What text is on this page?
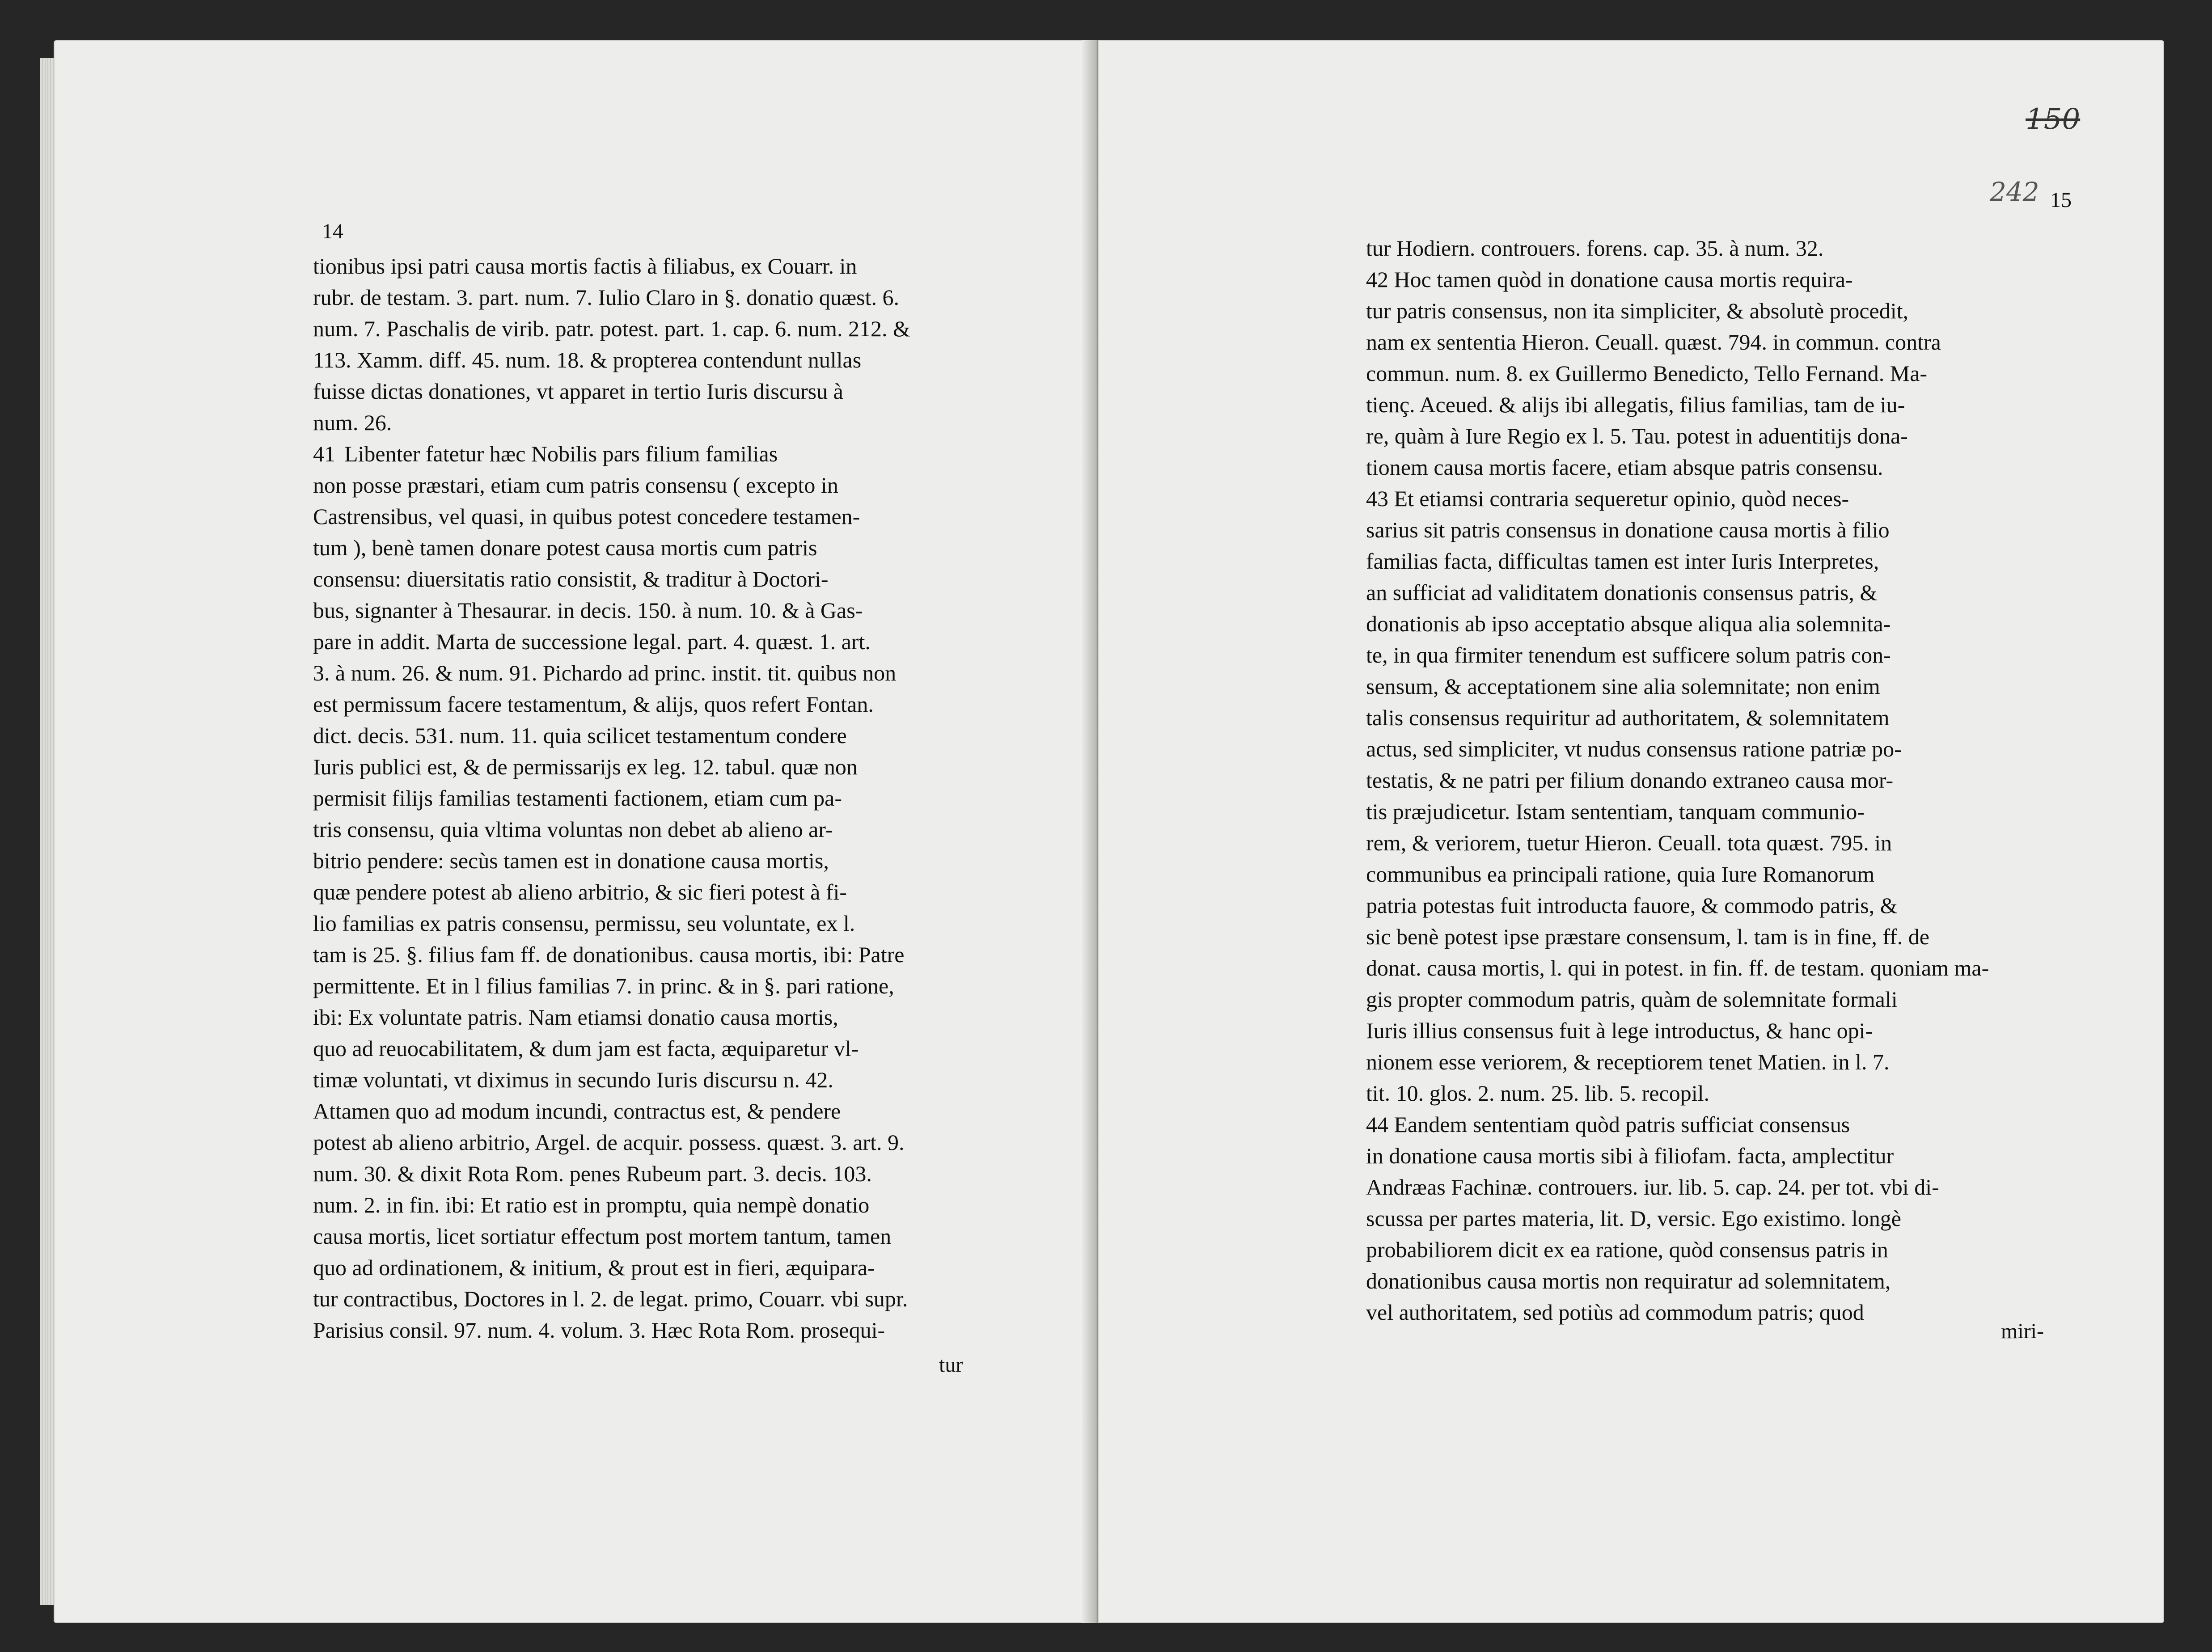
14
tionibus ipsi patri causa mortis factis à filiabus, ex Couarr. in
rubr. de testam. 3. part. num. 7. Iulio Claro in §. donatio quæst. 6.
num. 7. Paschalis de virib. patr. potest. part. 1. cap. 6. num. 212. &
113. Xamm. diff. 45. num. 18. & propterea contendunt nullas
fuisse dictas donationes, vt apparet in tertio Iuris discursu à
num. 26.
41 Libenter fatetur hæc Nobilis pars filium familias
non posse præstari, etiam cum patris consensu ( excepto in
Castrensibus, vel quasi, in quibus potest concedere testamen-
tum ), benè tamen donare potest causa mortis cum patris
consensu: diuersitatis ratio consistit, & traditur à Doctori-
bus, signanter à Thesaurar. in decis. 150. à num. 10. & à Gas-
pare in addit. Marta de successione legal. part. 4. quæst. 1. art.
3. à num. 26. & num. 91. Pichardo ad princ. instit. tit. quibus non
est permissum facere testamentum, & alijs, quos refert Fontan.
dict. decis. 531. num. 11. quia scilicet testamentum condere
Iuris publici est, & de permissarijs ex leg. 12. tabul. quæ non
permisit filijs familias testamenti factionem, etiam cum pa-
tris consensu, quia vltima voluntas non debet ab alieno ar-
bitrio pendere: secùs tamen est in donatione causa mortis,
quæ pendere potest ab alieno arbitrio, & sic fieri potest à fi-
lio familias ex patris consensu, permissu, seu voluntate, ex l.
tam is 25. §. filius fam ff. de donationibus. causa mortis, ibi: Patre
permittente. Et in l filius familias 7. in princ. & in §. pari ratione,
ibi: Ex voluntate patris. Nam etiamsi donatio causa mortis,
quo ad reuocabilitatem, & dum jam est facta, æquiparetur vl-
timæ voluntati, vt diximus in secundo Iuris discursu n. 42.
Attamen quo ad modum incundi, contractus est, & pendere
potest ab alieno arbitrio, Argel. de acquir. possess. quæst. 3. art. 9.
num. 30. & dixit Rota Rom. penes Rubeum part. 3. decis. 103.
num. 2. in fin. ibi: Et ratio est in promptu, quia nempè donatio
causa mortis, licet sortiatur effectum post mortem tantum, tamen
quo ad ordinationem, & initium, & prout est in fieri, æquipara-
tur contractibus, Doctores in l. 2. de legat. primo, Couarr. vbi supr.
Parisius consil. 97. num. 4. volum. 3. Hæc Rota Rom. prosequi-
tur
15
tur Hodiern. controuers. forens. cap. 35. à num. 32.
42 Hoc tamen quòd in donatione causa mortis requira-
tur patris consensus, non ita simpliciter, & absolutè procedit,
nam ex sententia Hieron. Ceuall. quæst. 794. in commun. contra
commun. num. 8. ex Guillermo Benedicto, Tello Fernand. Ma-
tienç. Aceued. & alijs ibi allegatis, filius familias, tam de iu-
re, quàm à Iure Regio ex l. 5. Tau. potest in aduentitijs dona-
tionem causa mortis facere, etiam absque patris consensu.
43 Et etiamsi contraria sequeretur opinio, quòd neces-
sarius sit patris consensus in donatione causa mortis à filio
familias facta, difficultas tamen est inter Iuris Interpretes,
an sufficiat ad validitatem donationis consensus patris, &
donationis ab ipso acceptatio absque aliqua alia solemnita-
te, in qua firmiter tenendum est sufficere solum patris con-
sensum, & acceptationem sine alia solemnitate; non enim
talis consensus requiritur ad authoritatem, & solemnitatem
actus, sed simpliciter, vt nudus consensus ratione patriæ po-
testatis, & ne patri per filium donando extraneo causa mor-
tis præjudicetur. Istam sententiam, tanquam communio-
rem, & veriorem, tuetur Hieron. Ceuall. tota quæst. 795. in
communibus ea principali ratione, quia Iure Romanorum
patria potestas fuit introducta fauore, & commodo patris, &
sic benè potest ipse præstare consensum, l. tam is in fine, ff. de
donat. causa mortis, l. qui in potest. in fin. ff. de testam. quoniam ma-
gis propter commodum patris, quàm de solemnitate formali
Iuris illius consensus fuit à lege introductus, & hanc opi-
nionem esse veriorem, & receptiorem tenet Matien. in l. 7.
tit. 10. glos. 2. num. 25. lib. 5. recopil.
44 Eandem sententiam quòd patris sufficiat consensus
in donatione causa mortis sibi à filiofam. facta, amplectitur
Andræas Fachinæ. controuers. iur. lib. 5. cap. 24. per tot. vbi di-
scussa per partes materia, lit. D, versic. Ego existimo. longè
probabiliorem dicit ex ea ratione, quòd consensus patris in
donationibus causa mortis non requiratur ad solemnitatem,
vel authoritatem, sed potiùs ad commodum patris; quod
miri-
150
242
